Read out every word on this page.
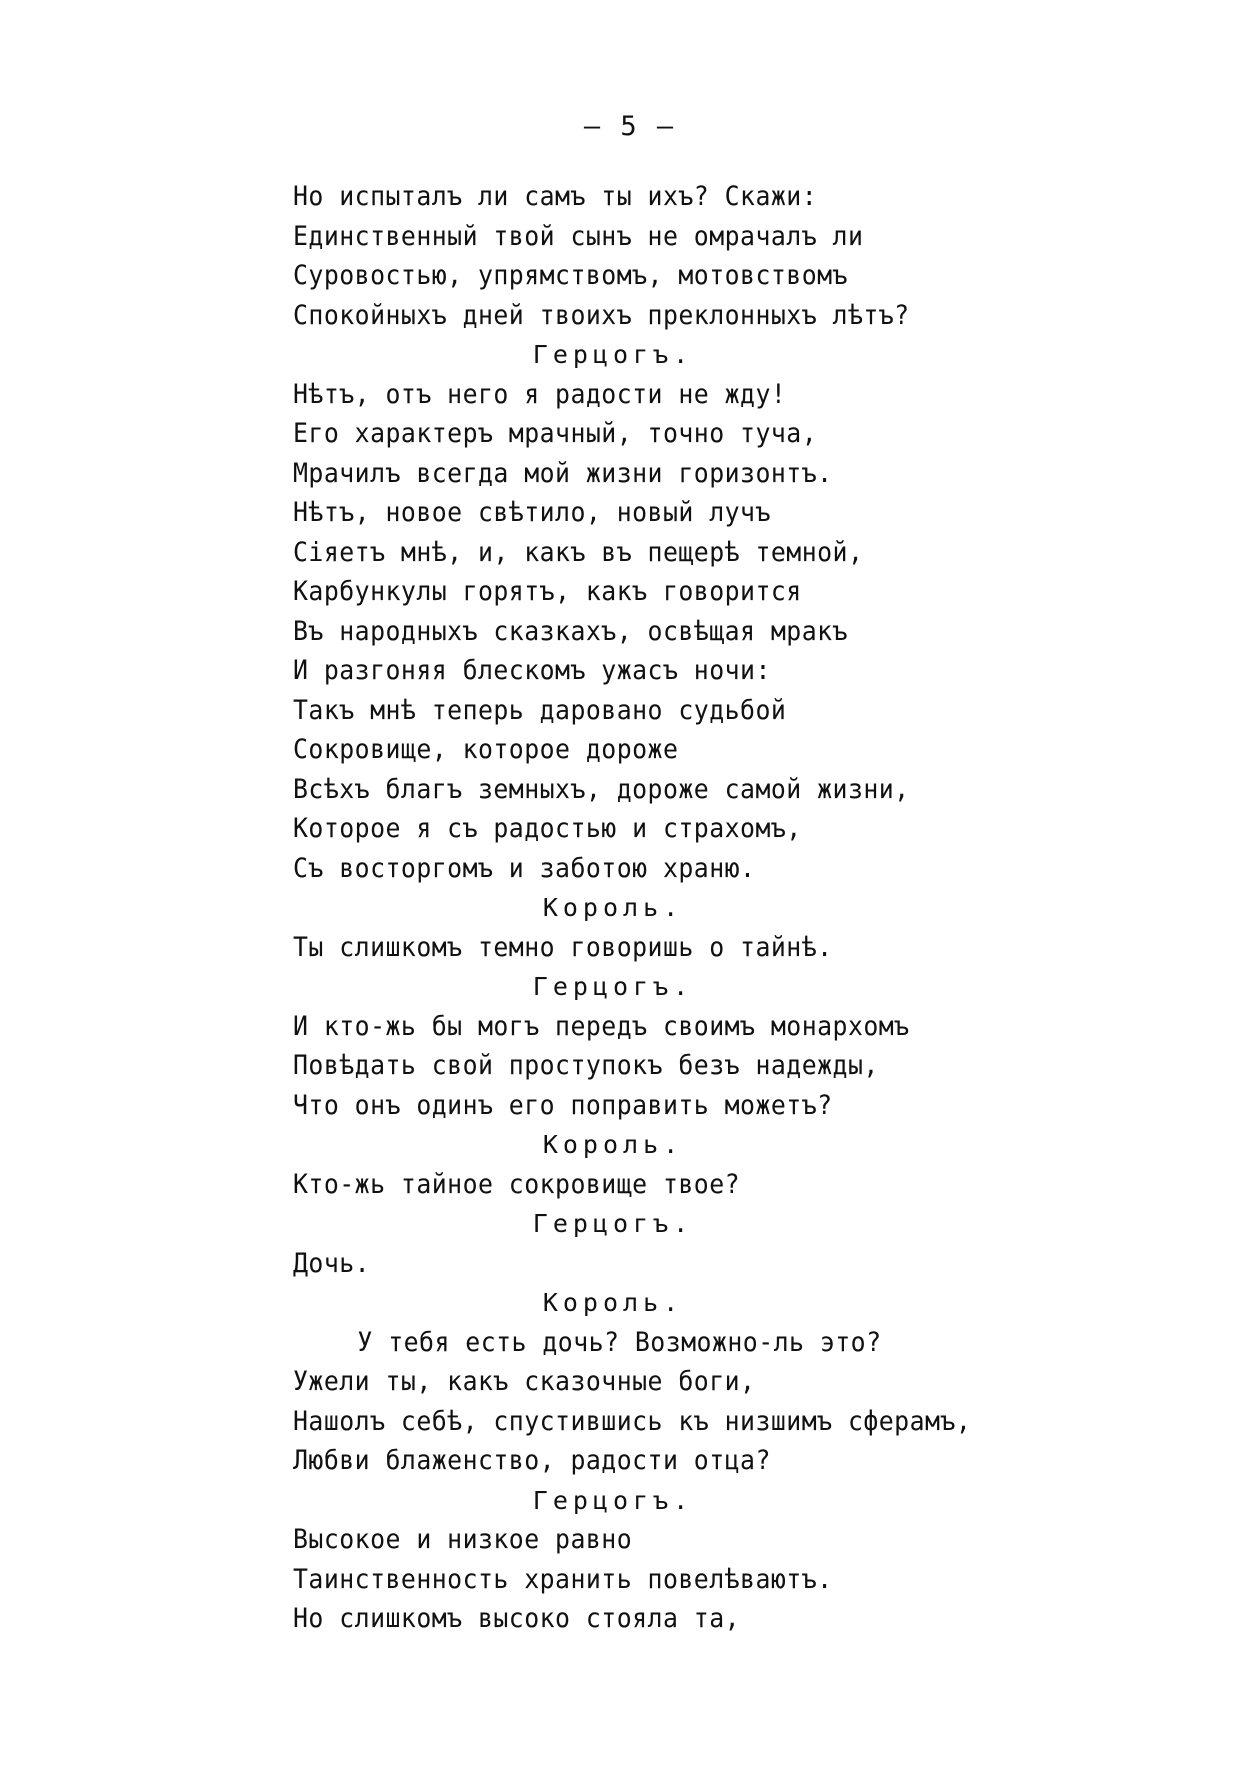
— 5 —
Но испыталъ ли самъ ты ихъ? Скажи:
Единственный твой сынъ не омрачалъ ли
Суровостью, упрямствомъ, мотовствомъ
Спокойныхъ дней твоихъ преклонныхъ лѣтъ?
Герцогъ.
Нѣтъ, отъ него я радости не жду!
Его характеръ мрачный, точно туча,
Мрачилъ всегда мой жизни горизонтъ.
Нѣтъ, новое свѣтило, новый лучъ
Сіяетъ мнѣ, и, какъ въ пещерѣ темной,
Карбункулы горятъ, какъ говорится
Въ народныхъ сказкахъ, освѣщая мракъ
И разгоняя блескомъ ужасъ ночи:
Такъ мнѣ теперь даровано судьбой
Сокровище, которое дороже
Всѣхъ благъ земныхъ, дороже самой жизни,
Которое я съ радостью и страхомъ,
Съ восторгомъ и заботою храню.
Король.
Ты слишкомъ темно говоришь о тайнѣ.
Герцогъ.
И кто-жь бы могъ передъ своимъ монархомъ
Повѣдать свой проступокъ безъ надежды,
Что онъ одинъ его поправить можетъ?
Король.
Кто-жь тайное сокровище твое?
Герцогъ.
Дочь.
Король.
У тебя есть дочь? Возможно-ль это?
Ужели ты, какъ сказочные боги,
Нашолъ себѣ, спустившись къ низшимъ сферамъ,
Любви блаженство, радости отца?
Герцогъ.
Высокое и низкое равно
Таинственность хранить повелѣваютъ.
Но слишкомъ высоко стояла та,
